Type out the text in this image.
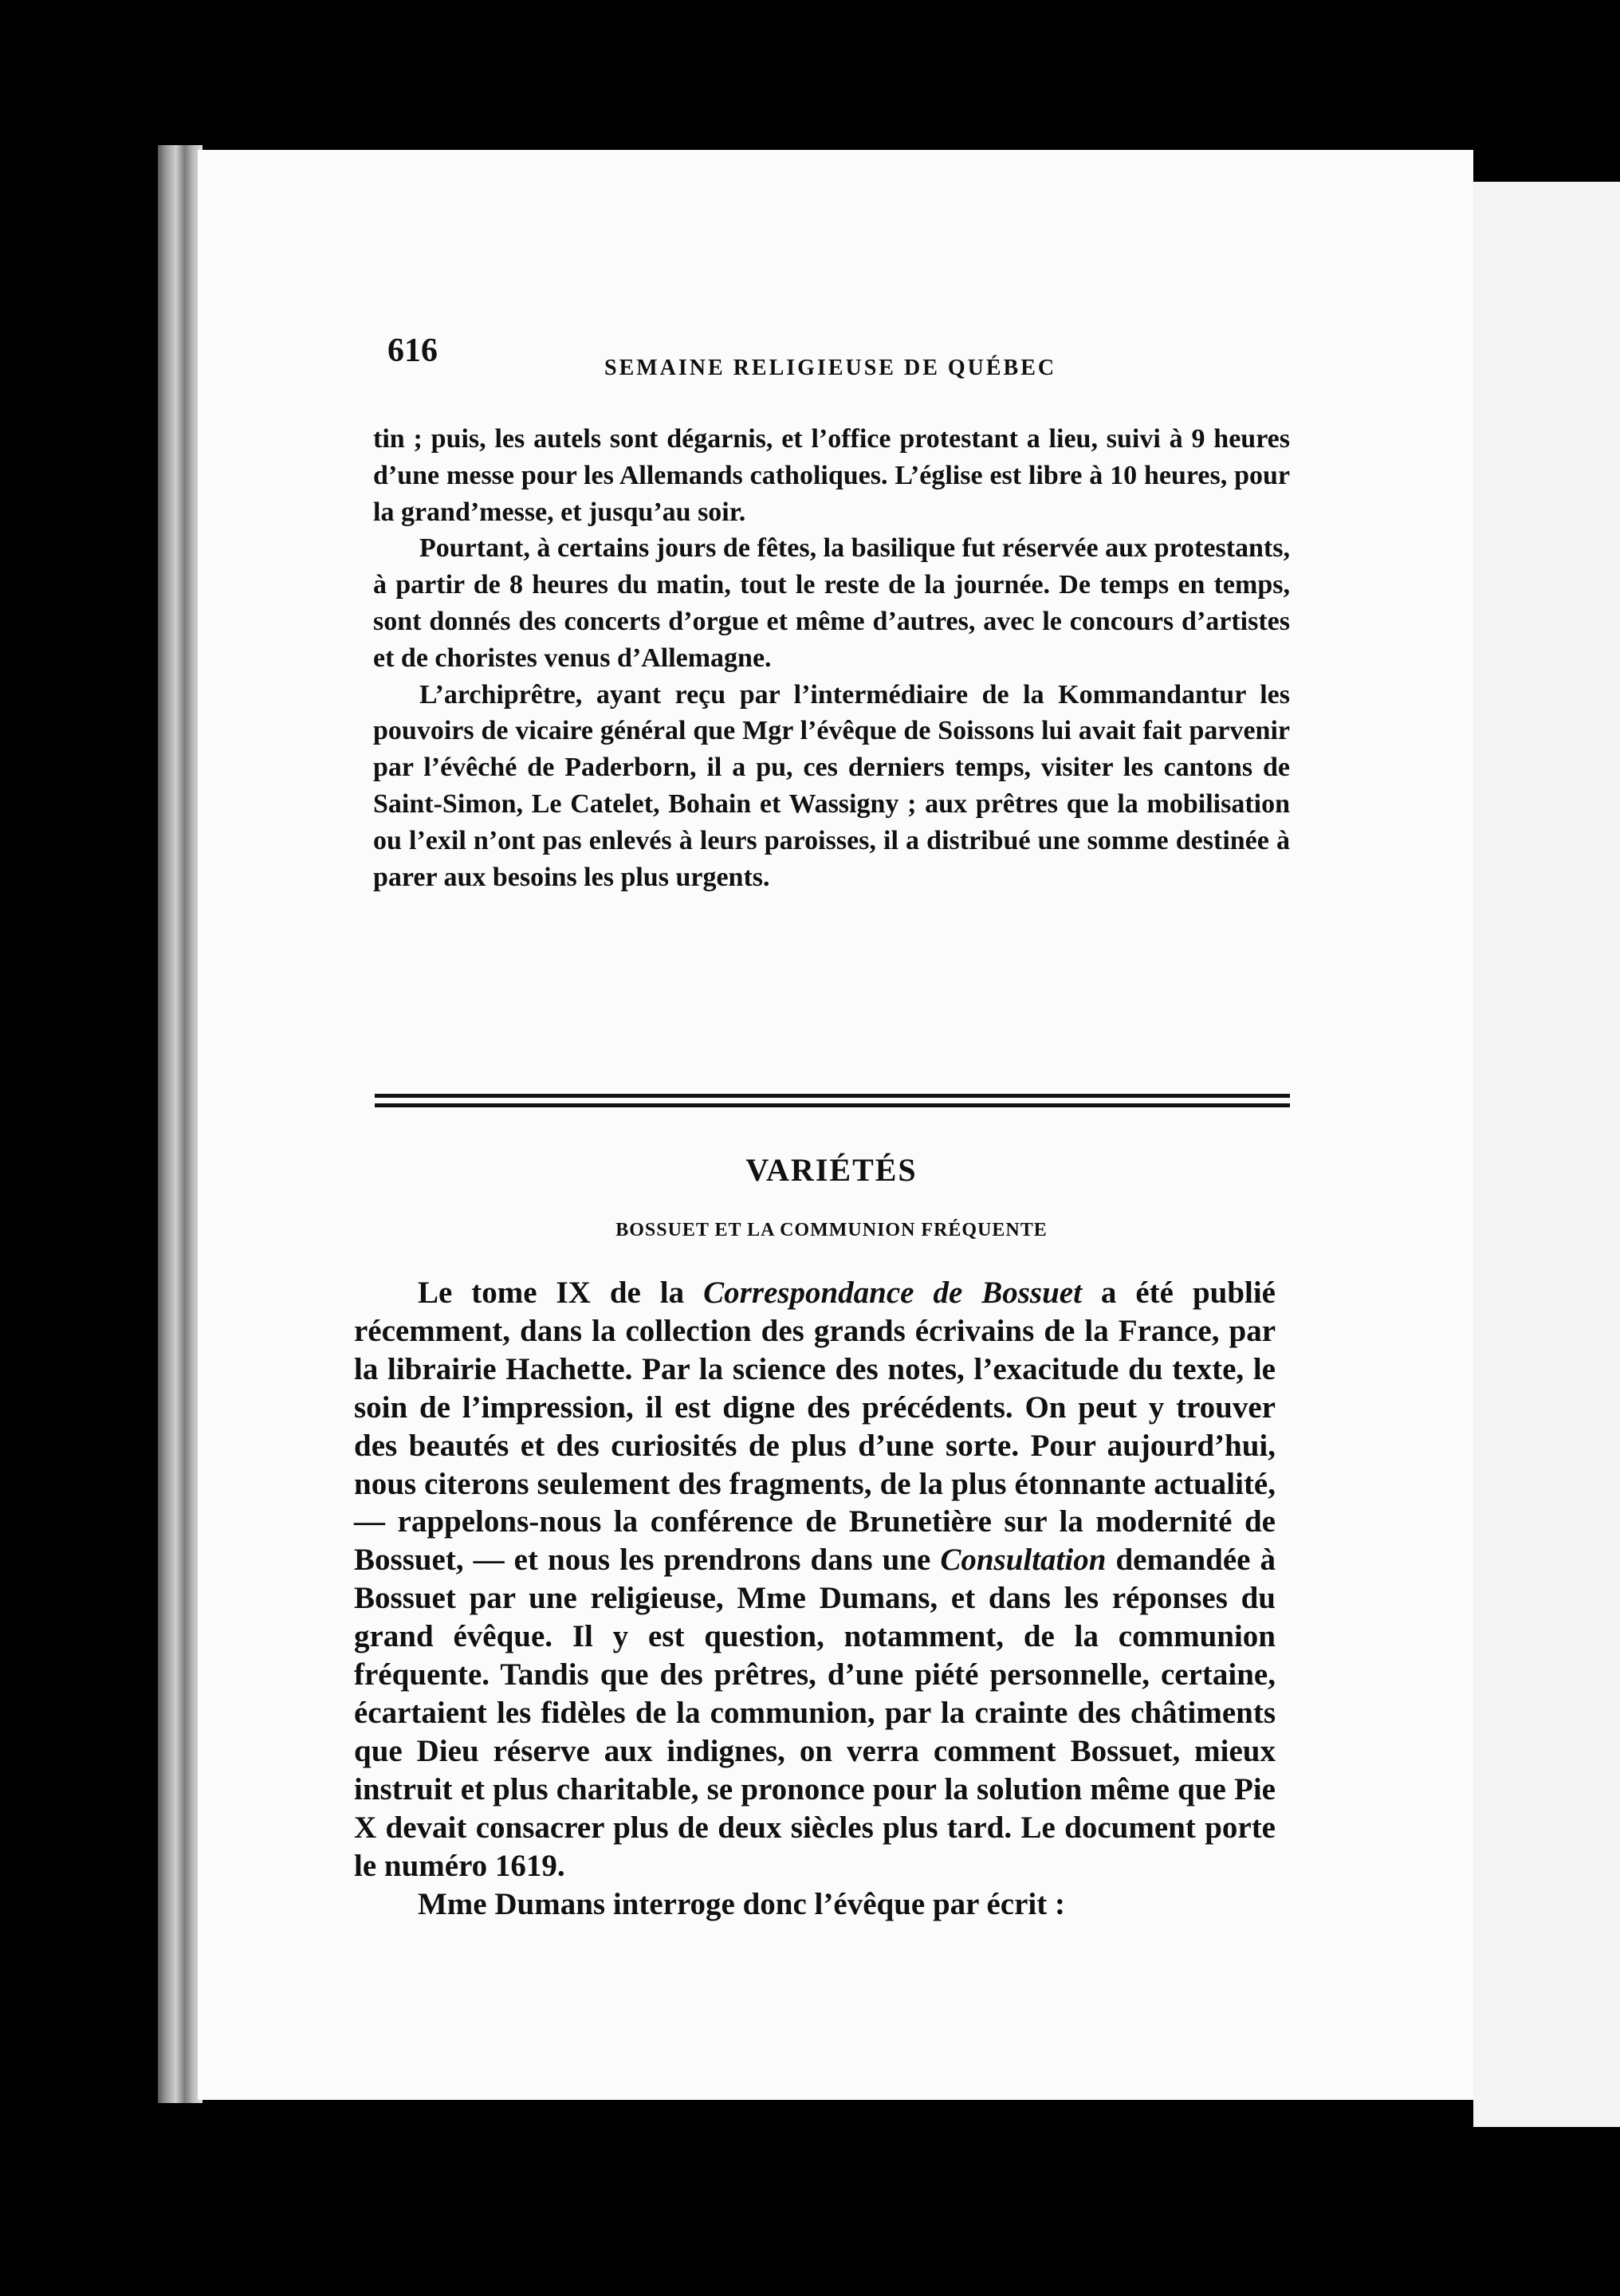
616	SEMAINE RELIGIEUSE DE QUÉBEC

tin ; puis, les autels sont dégarnis, et l’office protestant a lieu, suivi à 9 heures d’une messe pour les Allemands catholiques. L’église est libre à 10 heures, pour la grand’messe, et jusqu’au soir.

Pourtant, à certains jours de fêtes, la basilique fut réservée aux protestants, à partir de 8 heures du matin, tout le reste de la journée. De temps en temps, sont donnés des concerts d’orgue et même d’autres, avec le concours d’artistes et de choristes venus d’Allemagne.

L’archiprêtre, ayant reçu par l’intermédiaire de la Kommandantur les pouvoirs de vicaire général que Mgr l’évêque de Soissons lui avait fait parvenir par l’évêché de Paderborn, il a pu, ces derniers temps, visiter les cantons de Saint-Simon, Le Catelet, Bohain et Wassigny ; aux prêtres que la mobilisation ou l’exil n’ont pas enlevés à leurs paroisses, il a distribué une somme destinée à parer aux besoins les plus urgents.

VARIÉTÉS
BOSSUET ET LA COMMUNION FRÉQUENTE

Le tome IX de la Correspondance de Bossuet a été publié récemment, dans la collection des grands écrivains de la France, par la librairie Hachette. Par la science des notes, l’exacitude du texte, le soin de l’impression, il est digne des précédents. On peut y trouver des beautés et des curiosités de plus d’une sorte. Pour aujourd’hui, nous citerons seulement des fragments, de la plus étonnante actualité, — rappelons-nous la conférence de Brunetière sur la modernité de Bossuet, — et nous les prendrons dans une Consultation demandée à Bossuet par une religieuse, Mme Dumans, et dans les réponses du grand évêque. Il y est question, notamment, de la communion fréquente. Tandis que des prêtres, d’une piété personnelle, certaine, écartaient les fidèles de la communion, par la crainte des châtiments que Dieu réserve aux indignes, on verra comment Bossuet, mieux instruit et plus charitable, se prononce pour la solution même que Pie X devait consacrer plus de deux siècles plus tard. Le document porte le numéro 1619.

Mme Dumans interroge donc l’évêque par écrit :
